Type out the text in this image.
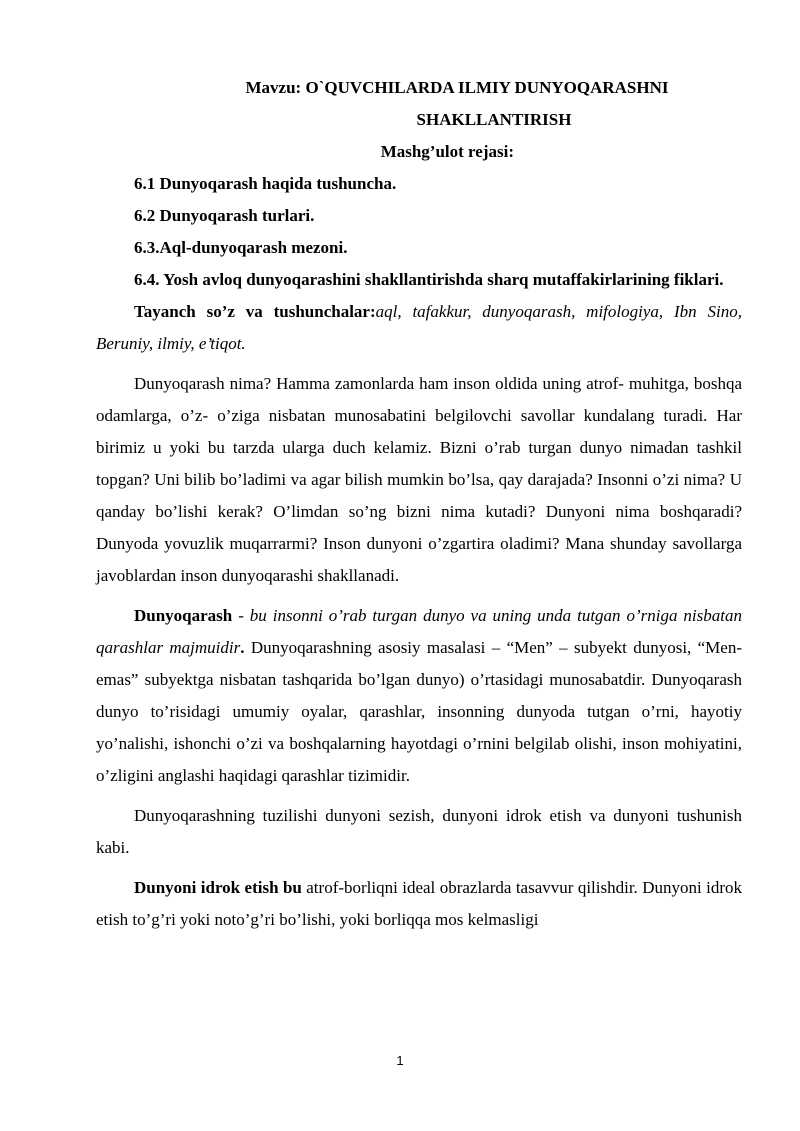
Mavzu: O`QUVCHILARDA ILMIY DUNYOQARASHNI
SHAKLLANTIRISH

Mashg’ulot rejasi:

6.1 Dunyoqarash haqida tushuncha.

6.2 Dunyoqarash turlari.

6.3.Aql-dunyoqarash mezoni.

6.4. Yosh avloq dunyoqarashini shakllantirishda sharq mutaffakirlarining fiklari.

Tayanch so’z va tushunchalar:aql, tafakkur, dunyoqarash, mifologiya, Ibn Sino, Beruniy, ilmiy, e’tiqot.

Dunyoqarash nima? Hamma zamonlarda ham inson oldida uning atrof- muhitga, boshqa odamlarga, o’z- o’ziga nisbatan munosabatini belgilovchi savollar kundalang turadi. Har birimiz u yoki bu tarzda ularga duch kelamiz. Bizni o’rab turgan dunyo nimadan tashkil topgan? Uni bilib bo’ladimi va agar bilish mumkin bo’lsa, qay darajada? Insonni o’zi nima? U qanday bo’lishi kerak? O’limdan so’ng bizni nima kutadi? Dunyoni nima boshqaradi? Dunyoda yovuzlik muqarrarmi? Inson dunyoni o’zgartira oladimi? Mana shunday savollarga javoblardan inson dunyoqarashi shakllanadi.

Dunyoqarash - bu insonni o’rab turgan dunyo va uning unda tutgan o’rniga nisbatan qarashlar majmuidir. Dunyoqarashning asosiy masalasi – “Men” – subyekt dunyosi, “Men- emas” subyektga nisbatan tashqarida bo’lgan dunyo) o’rtasidagi munosabatdir. Dunyoqarash dunyo to’risidagi umumiy oyalar, qarashlar, insonning dunyoda tutgan o’rni, hayotiy yo’nalishi, ishonchi o’zi va boshqalarning hayotdagi o’rnini belgilab olishi, inson mohiyatini, o’zligini anglashi haqidagi qarashlar tizimidir.

Dunyoqarashning tuzilishi dunyoni sezish, dunyoni idrok etish va dunyoni tushunish kabi.

Dunyoni idrok etish bu atrof-borliqni ideal obrazlarda tasavvur qilishdir. Dunyoni idrok etish to’g’ri yoki noto’g’ri bo’lishi, yoki borliqqa mos kelmasligi

1
